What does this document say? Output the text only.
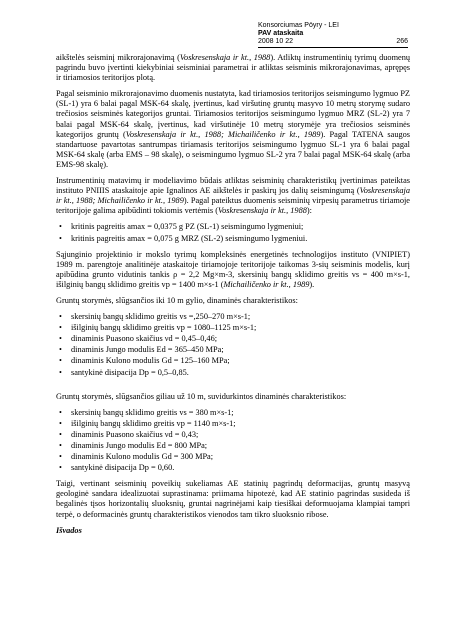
Konsorciumas Pöyry - LEI
PAV ataskaita
2008 10 22	266

aikštelės seisminį mikrorajonavimą (Voskresenskaja ir kt., 1988). Atliktų instrumentinių tyrimų duomenų pagrindu buvo įvertinti kiekybiniai seisminiai parametrai ir atliktas seisminis mikrorajonavimas, aprępęs ir tiriamosios teritorijos plotą.

Pagal seisminio mikrorajonavimo duomenis nustatyta, kad tiriamosios teritorijos seismingumo lygmuo PZ (SL-1) yra 6 balai pagal MSK-64 skalę, įvertinus, kad viršutinę gruntų masyvo 10 metrų storymę sudaro trečiosios seisminės kategorijos gruntai. Tiriamosios teritorijos seismingumo lygmuo MRZ (SL-2) yra 7 balai pagal MSK-64 skalę, įvertinus, kad viršutinėje 10 metrų storymėje yra trečiosios seisminės kategorijos gruntų (Voskresenskaja ir kt., 1988; Michailičenko ir kt., 1989). Pagal TATENA saugos standartuose pavartotas santrumpas tiriamasis teritorijos seismingumo lygmuo SL-1 yra 6 balai pagal MSK-64 skalę (arba EMS – 98 skalę), o seismingumo lygmuo SL-2 yra 7 balai pagal MSK-64 skalę (arba EMS-98 skalę).

Instrumentinių matavimų ir modeliavimo būdais atliktas seisminių charakteristikų įvertinimas pateiktas instituto PNIIIS ataskaitoje apie Ignalinos AE aikštelės ir paskirų jos dalių seismingumą (Voskresenskaja ir kt., 1988; Michailičenko ir kt., 1989). Pagal pateiktus duomenis seisminių virpesių parametrus tiriamoje teritorijoje galima apibūdinti tokiomis vertėmis (Voskresenskaja ir kt., 1988):

• kritinis pagreitis amax = 0,0375 g PZ (SL-1) seismingumo lygmeniui;
• kritinis pagreitis amax = 0,075 g MRZ (SL-2) seismingumo lygmeniui.

Sąjunginio projektinio ir mokslo tyrimų kompleksinės energetinės technologijos instituto (VNIPIET) 1989 m. parengtoje analitinėje ataskaitoje tiriamojoje teritorijoje taikomas 3-sių seisminis modelis, kurį apibūdina grunto vidutinis tankis ρ = 2,2 Mg×m-3, skersinių bangų sklidimo greitis vs = 400 m×s-1, išilginių bangų sklidimo greitis vp = 1400 m×s-1 (Michailičenko ir kt., 1989).

Gruntų storymės, slūgsančios iki 10 m gylio, dinaminės charakteristikos:

• skersinių bangų sklidimo greitis vs =,250–270 m×s-1;
• išilginių bangų sklidimo greitis vp = 1080–1125 m×s-1;
• dinaminis Puasono skaičius νd = 0,45–0,46;
• dinaminis Jungo modulis Ed = 365–450 MPa;
• dinaminis Kulono modulis Gd = 125–160 MPa;
• santykinė disipacija Dp = 0,5–0,85.

Gruntų storymės, slūgsančios giliau už 10 m, suvidurkintos dinaminės charakteristikos:

• skersinių bangų sklidimo greitis vs = 380 m×s-1;
• išilginių bangų sklidimo greitis vp = 1140 m×s-1;
• dinaminis Puasono skaičius νd = 0,43;
• dinaminis Jungo modulis Ed = 800 MPa;
• dinaminis Kulono modulis Gd = 300 MPa;
• santykinė disipacija Dp = 0,60.

Taigi, vertinant seisminių poveikių sukeliamas AE statinių pagrindų deformacijas, gruntų masyvą geologinė sandara idealizuotai suprastinama: priimama hipotezė, kad AE statinio pagrindas susideda iš begalinės tįsos horizontalių sluoksnių, gruntai nagrinėjami kaip tiesiškai deformuojama klampiai tampri terpė, o deformacinės gruntų charakteristikos vienodos tam tikro sluoksnio ribose.

Išvados
